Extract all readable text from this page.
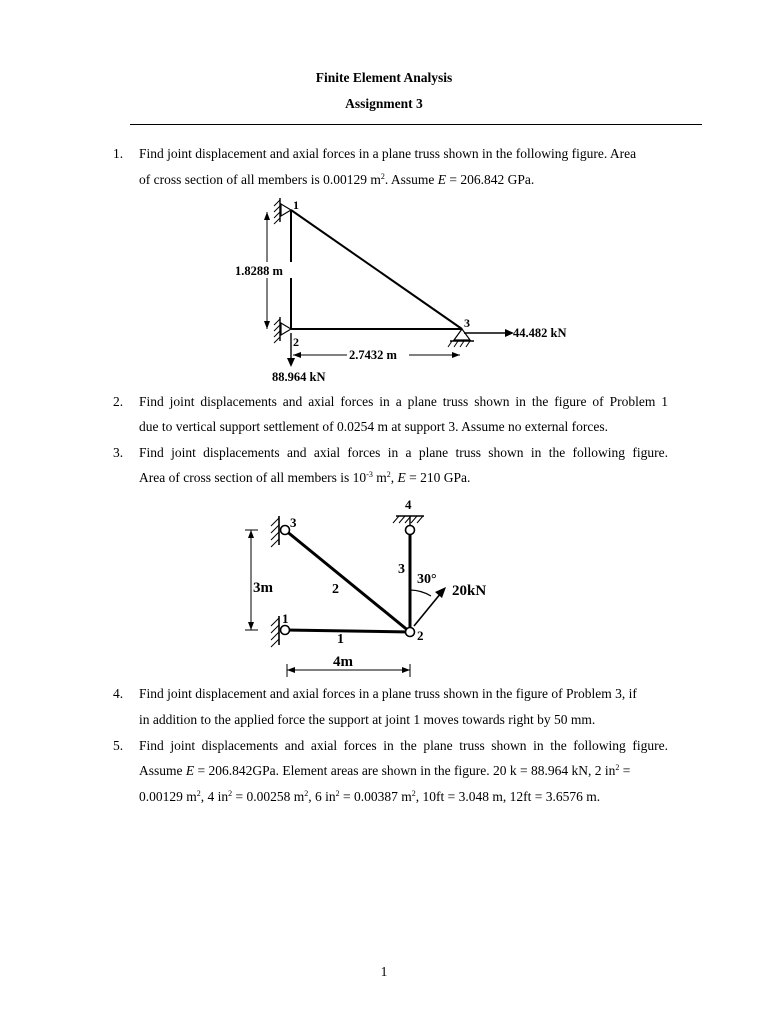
Finite Element Analysis
Assignment 3
1. Find joint displacement and axial forces in a plane truss shown in the following figure. Area
of cross section of all members is 0.00129 $m^2$. Assume E = 206.842 GPa.
1.8288 m
2.7432 m
1
2
3
44.482 kN
88.964 kN
2. Find joint displacements and axial forces in a plane truss shown in the figure of Problem 1
due to vertical support settlement of 0.0254 m at support 3. Assume no external forces.
3. Find joint displacements and axial forces in a plane truss shown in the following figure.
Area of cross section of all members is $10^{-3}$ $m^2$, E = 210 GPa.
3m
4m
3
1
4
2
1
2
3
30°
20kN
4. Find joint displacement and axial forces in a plane truss shown in the figure of Problem 3, if
in addition to the applied force the support at joint 1 moves towards right by 50 mm.
5. Find joint displacements and axial forces in the plane truss shown in the following figure.
Assume E = 206.842GPa. Element areas are shown in the figure. 20 k = 88.964 kN, 2 $in^2$ =
0.00129 $m^2$, 4 $in^2 = 0.00258$ $m^2$, 6 $in^2 = 0.00387$ $m^2$, 10ft = 3.048 m, 12ft = 3.6576 m.
1
